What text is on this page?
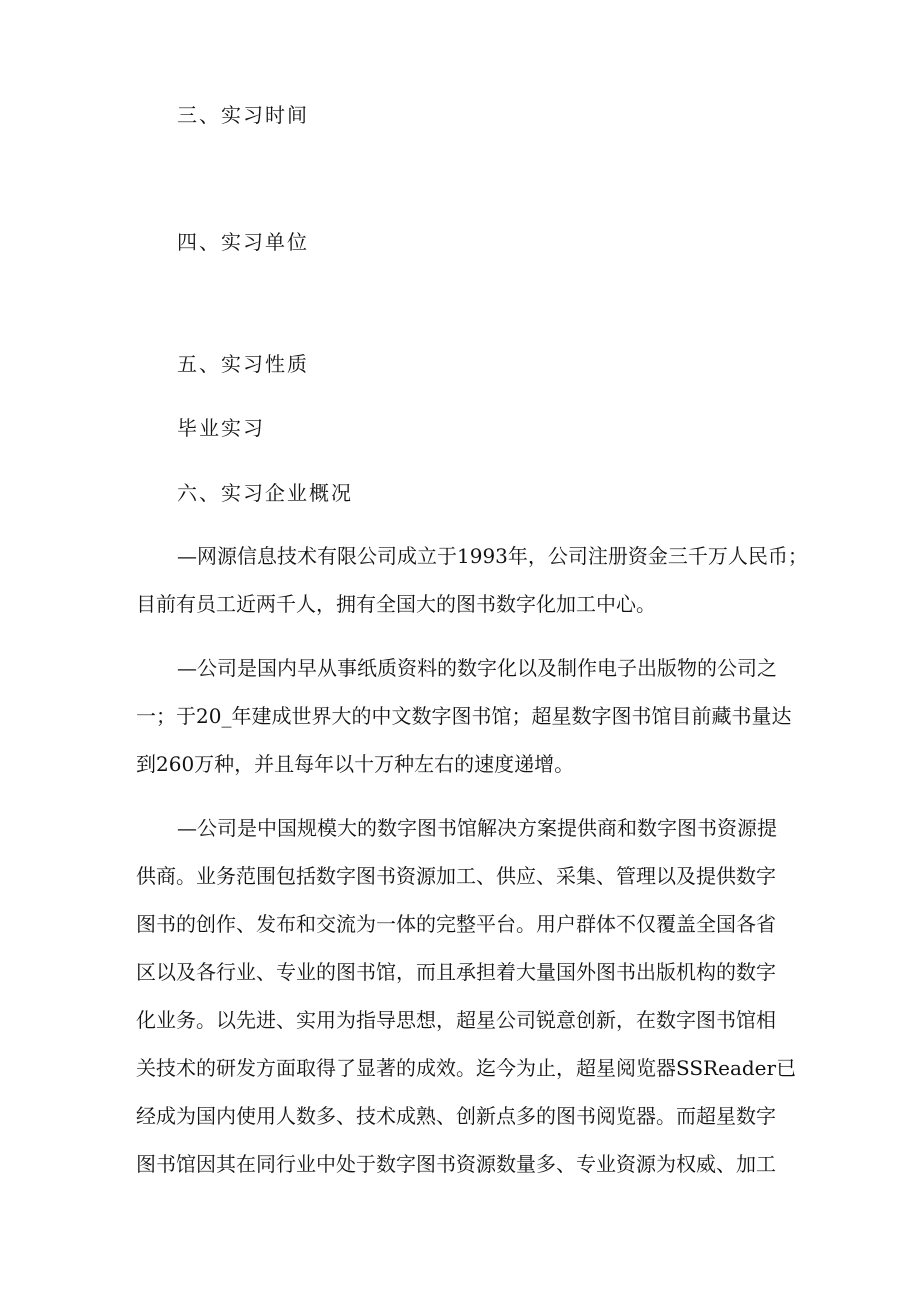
三、实习时间
四、实习单位
五、实习性质

毕业实习

六、实习企业概况

—网源信息技术有限公司成立于1993年，公司注册资金三千万人民币；

目前有员工近两千人，拥有全国大的图书数字化加工中心。

—公司是国内早从事纸质资料的数字化以及制作电子出版物的公司之

一；于20_年建成世界大的中文数字图书馆；超星数字图书馆目前藏书量达

到260万种，并且每年以十万种左右的速度递增。

—公司是中国规模大的数字图书馆解决方案提供商和数字图书资源提

供商。业务范围包括数字图书资源加工、供应、采集、管理以及提供数字

图书的创作、发布和交流为一体的完整平台。用户群体不仅覆盖全国各省

区以及各行业、专业的图书馆，而且承担着大量国外图书出版机构的数字

化业务。以先进、实用为指导思想，超星公司锐意创新，在数字图书馆相

关技术的研发方面取得了显著的成效。迄今为止，超星阅览器SSReader已

经成为国内使用人数多、技术成熟、创新点多的图书阅览器。而超星数字

图书馆因其在同行业中处于数字图书资源数量多、专业资源为权威、加工
